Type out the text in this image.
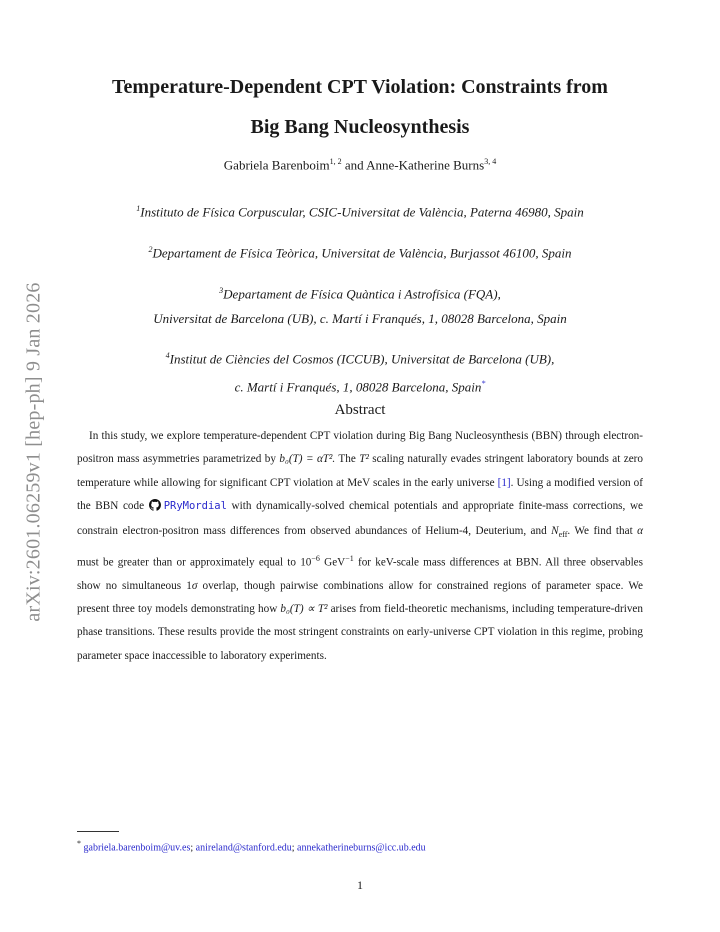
arXiv:2601.06259v1 [hep-ph] 9 Jan 2026
Temperature-Dependent CPT Violation: Constraints from
Big Bang Nucleosynthesis
Gabriela Barenboim$^{1, 2}$ and Anne-Katherine Burns$^{3, 4}$
$^1$Instituto de Física Corpuscular, CSIC-Universitat de València, Paterna 46980, Spain
$^2$Departament de Física Teòrica, Universitat de València, Burjassot 46100, Spain
$^3$Departament de Física Quàntica i Astrofísica (FQA),
Universitat de Barcelona (UB), c. Martí i Franqués, 1, 08028 Barcelona, Spain
$^4$Institut de Ciències del Cosmos (ICCUB), Universitat de Barcelona (UB),
c. Martí i Franqués, 1, 08028 Barcelona, Spain*
Abstract
In this study, we explore temperature-dependent CPT violation during Big Bang Nucleosynthesis (BBN) through electron-positron mass asymmetries parametrized by b₀(T) = αT². The T² scaling naturally evades stringent laboratory bounds at zero temperature while allowing for significant CPT violation at MeV scales in the early universe [1]. Using a modified version of the BBN code PRyMordial with dynamically-solved chemical potentials and appropriate finite-mass corrections, we constrain electron-positron mass differences from observed abundances of Helium-4, Deuterium, and $N_{eff}$. We find that α must be greater than or approximately equal to $10^{-6}$ GeV$^{-1}$ for keV-scale mass differences at BBN. All three observables show no simultaneous 1σ overlap, though pairwise combinations allow for constrained regions of parameter space. We present three toy models demonstrating how b₀(T) ∝ T² arises from field-theoretic mechanisms, including temperature-driven phase transitions. These results provide the most stringent constraints on early-universe CPT violation in this regime, probing parameter space inaccessible to laboratory experiments.
* gabriela.barenboim@uv.es; anireland@stanford.edu; annekatherineburns@icc.ub.edu
1
